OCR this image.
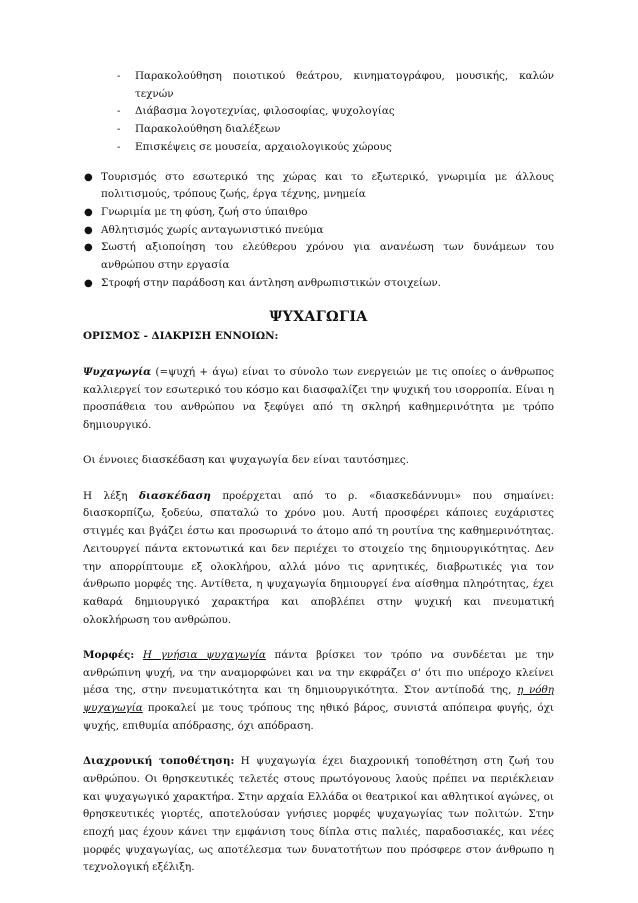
- Παρακολούθηση ποιοτικού θεάτρου, κινηματογράφου, μουσικής, καλών τεχνών
- Διάβασμα λογοτεχνίας, φιλοσοφίας, ψυχολογίας
- Παρακολούθηση διαλέξεων
- Επισκέψεις σε μουσεία, αρχαιολογικούς χώρους
● Τουρισμός στο εσωτερικό της χώρας και το εξωτερικό, γνωριμία με άλλους πολιτισμούς, τρόπους ζωής, έργα τέχνης, μνημεία
● Γνωριμία με τη φύση, ζωή στο ύπαιθρο
● Αθλητισμός χωρίς ανταγωνιστικό πνεύμα
● Σωστή αξιοποίηση του ελεύθερου χρόνου για ανανέωση των δυνάμεων του ανθρώπου στην εργασία
● Στροφή στην παράδοση και άντληση ανθρωπιστικών στοιχείων.
ΨΥΧΑΓΩΓΙΑ

ΟΡΙΣΜΟΣ - ΔΙΑΚΡΙΣΗ ΕΝΝΟΙΩΝ:

Ψυχαγωγία (=ψυχή + άγω) είναι το σύνολο των ενεργειών με τις οποίες ο άνθρωπος καλλιεργεί τον εσωτερικό του κόσμο και διασφαλίζει την ψυχική του ισορροπία. Είναι η προσπάθεια του ανθρώπου να ξεφύγει από τη σκληρή καθημερινότητα με τρόπο δημιουργικό.

Οι έννοιες διασκέδαση και ψυχαγωγία δεν είναι ταυτόσημες.

Η λέξη διασκέδαση προέρχεται από το ρ. «διασκεδάννυμι» που σημαίνει: διασκορπίζω, ξοδεύω, σπαταλώ το χρόνο μου. Αυτή προσφέρει κάποιες ευχάριστες στιγμές και βγάζει έστω και προσωρινά το άτομο από τη ρουτίνα της καθημερινότητας. Λειτουργεί πάντα εκτονωτικά και δεν περιέχει το στοιχείο της δημιουργικότητας. Δεν την απορρίπτουμε εξ ολοκλήρου, αλλά μόνο τις αρνητικές, διαβρωτικές για τον άνθρωπο μορφές της. Αντίθετα, η ψυχαγωγία δημιουργεί ένα αίσθημα πληρότητας, έχει καθαρά δημιουργικό χαρακτήρα και αποβλέπει στην ψυχική και πνευματική ολοκλήρωση του ανθρώπου.

Μορφές: Η γνήσια ψυχαγωγία πάντα βρίσκει τον τρόπο να συνδέεται με την ανθρώπινη ψυχή, να την αναμορφώνει και να την εκφράζει σ' ότι πιο υπέροχο κλείνει μέσα της, στην πνευματικότητα και τη δημιουργικότητα. Στον αντίποδά της, η νόθη ψυχαγωγία προκαλεί με τους τρόπους της ηθικό βάρος, συνιστά απόπειρα φυγής, όχι ψυχής, επιθυμία απόδρασης, όχι απόδραση.

Διαχρονική τοποθέτηση: Η ψυχαγωγία έχει διαχρονική τοποθέτηση στη ζωή του ανθρώπου. Οι θρησκευτικές τελετές στους πρωτόγονους λαούς πρέπει να περιέκλειαν και ψυχαγωγικό χαρακτήρα. Στην αρχαία Ελλάδα οι θεατρικοί και αθλητικοί αγώνες, οι θρησκευτικές γιορτές, αποτελούσαν γνήσιες μορφές ψυχαγωγίας των πολιτών. Στην εποχή μας έχουν κάνει την εμφάνιση τους δίπλα στις παλιές, παραδοσιακές, και νέες μορφές ψυχαγωγίας, ως αποτέλεσμα των δυνατοτήτων που πρόσφερε στον άνθρωπο η τεχνολογική εξέλιξη.
